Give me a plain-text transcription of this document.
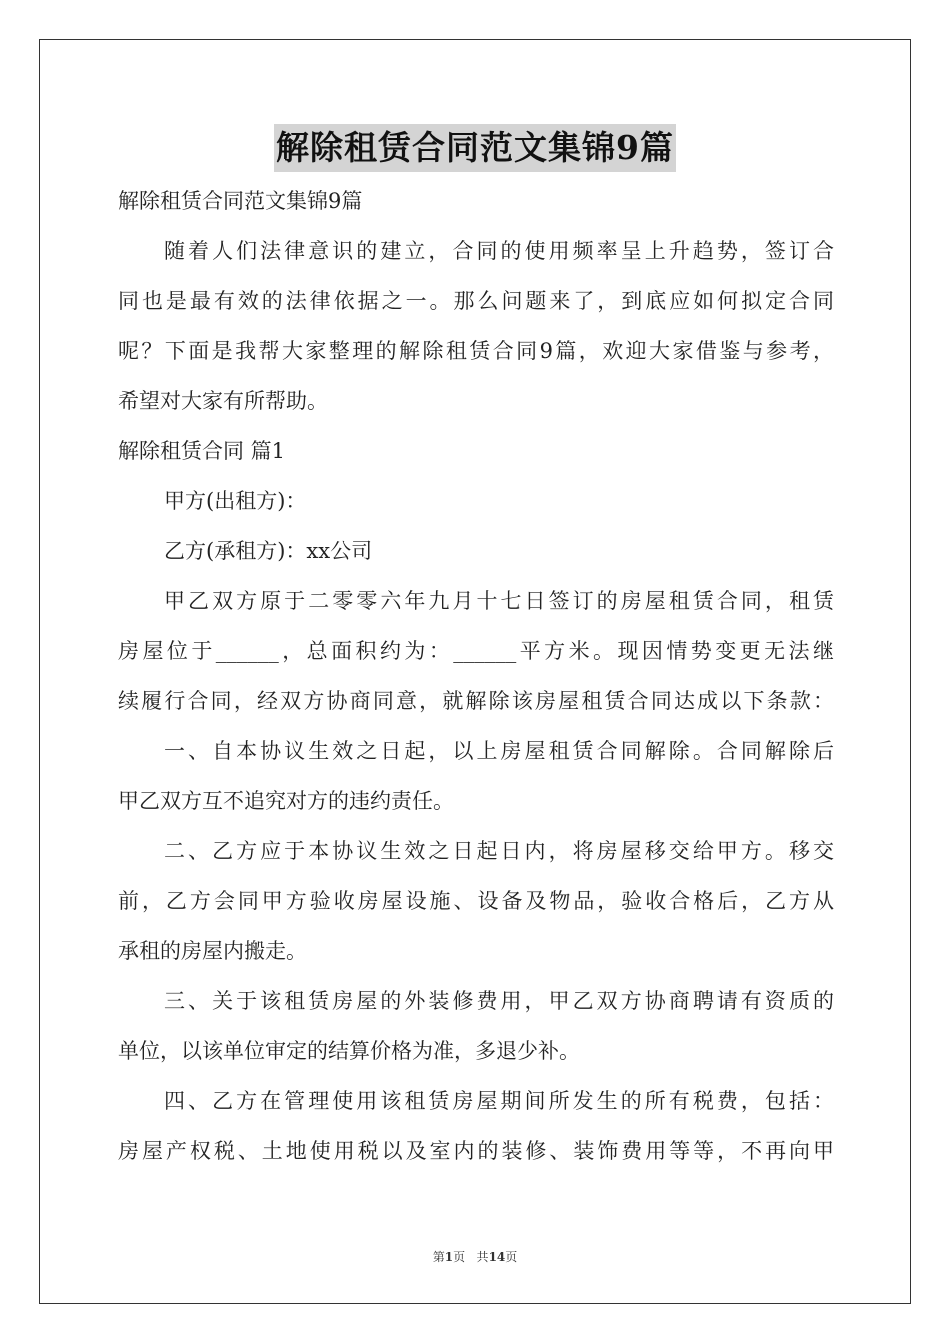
解除租赁合同范文集锦9篇
解除租赁合同范文集锦9篇
随着人们法律意识的建立，合同的使用频率呈上升趋势，签订合
同也是最有效的法律依据之一。那么问题来了，到底应如何拟定合同
呢？下面是我帮大家整理的解除租赁合同9篇，欢迎大家借鉴与参考，
希望对大家有所帮助。
解除租赁合同 篇1
甲方(出租方)：
乙方(承租方)：xx公司
甲乙双方原于二零零六年九月十七日签订的房屋租赁合同，租赁
房屋位于______，总面积约为：______平方米。现因情势变更无法继
续履行合同，经双方协商同意，就解除该房屋租赁合同达成以下条款：
一、自本协议生效之日起，以上房屋租赁合同解除。合同解除后
甲乙双方互不追究对方的违约责任。
二、乙方应于本协议生效之日起日内，将房屋移交给甲方。移交
前，乙方会同甲方验收房屋设施、设备及物品，验收合格后，乙方从
承租的房屋内搬走。
三、关于该租赁房屋的外装修费用，甲乙双方协商聘请有资质的
单位，以该单位审定的结算价格为准，多退少补。
四、乙方在管理使用该租赁房屋期间所发生的所有税费，包括：
房屋产权税、土地使用税以及室内的装修、装饰费用等等，不再向甲
第1页 共14页
